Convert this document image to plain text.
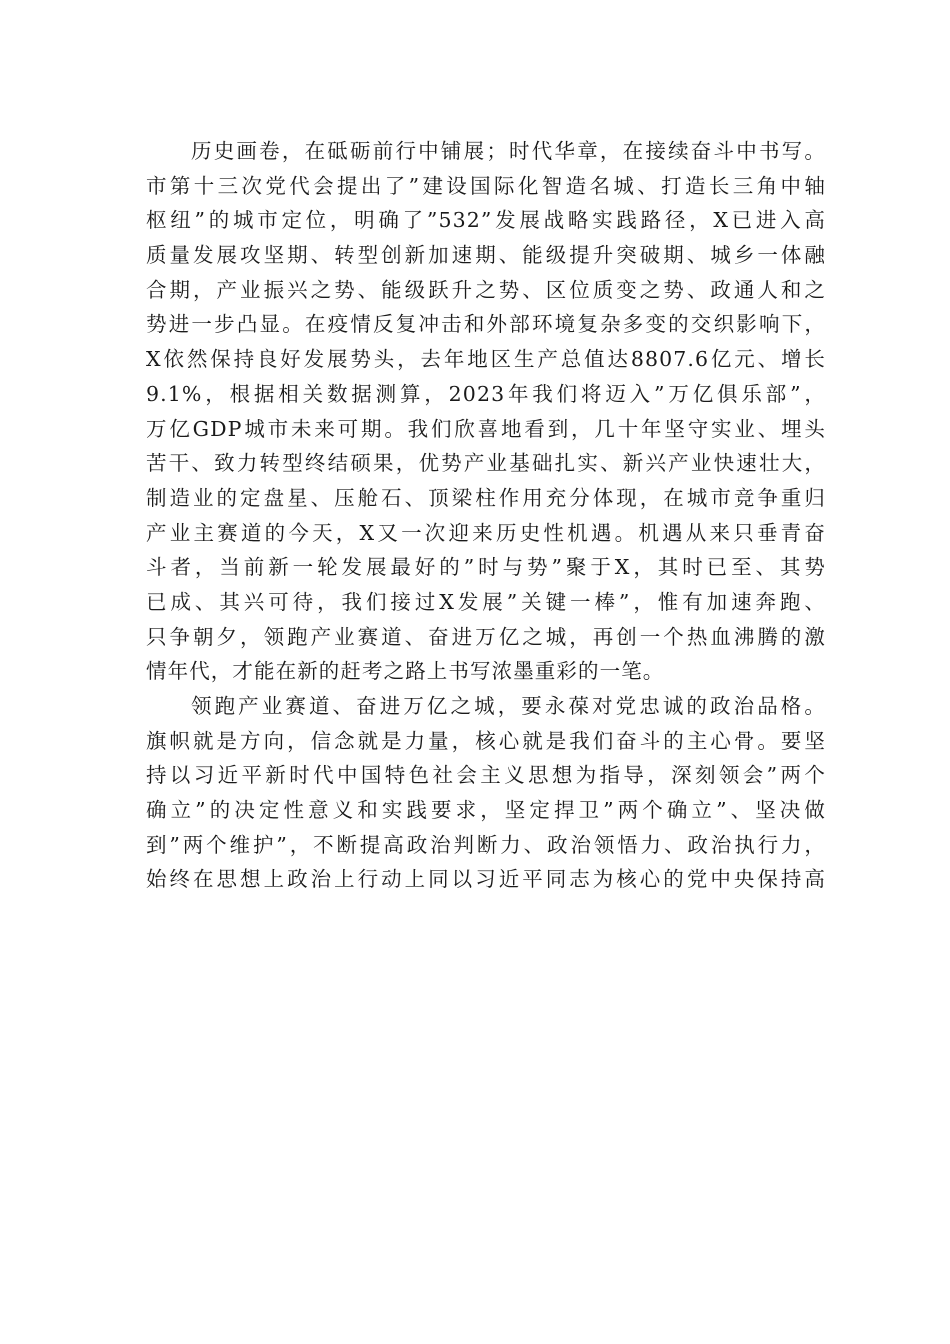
历史画卷，在砥砺前行中铺展；时代华章，在接续奋斗中书写。
市第十三次党代会提出了”建设国际化智造名城、打造长三角中轴
枢纽”的城市定位，明确了”532”发展战略实践路径，X已进入高
质量发展攻坚期、转型创新加速期、能级提升突破期、城乡一体融
合期，产业振兴之势、能级跃升之势、区位质变之势、政通人和之
势进一步凸显。在疫情反复冲击和外部环境复杂多变的交织影响下，
X依然保持良好发展势头，去年地区生产总值达8807.6亿元、增长
9.1%，根据相关数据测算，2023年我们将迈入”万亿俱乐部”，
万亿GDP城市未来可期。我们欣喜地看到，几十年坚守实业、埋头
苦干、致力转型终结硕果，优势产业基础扎实、新兴产业快速壮大，
制造业的定盘星、压舱石、顶梁柱作用充分体现，在城市竞争重归
产业主赛道的今天，X又一次迎来历史性机遇。机遇从来只垂青奋
斗者，当前新一轮发展最好的”时与势”聚于X，其时已至、其势
已成、其兴可待，我们接过X发展”关键一棒”，惟有加速奔跑、
只争朝夕，领跑产业赛道、奋进万亿之城，再创一个热血沸腾的激
情年代，才能在新的赶考之路上书写浓墨重彩的一笔。
领跑产业赛道、奋进万亿之城，要永葆对党忠诚的政治品格。
旗帜就是方向，信念就是力量，核心就是我们奋斗的主心骨。要坚
持以习近平新时代中国特色社会主义思想为指导，深刻领会”两个
确立”的决定性意义和实践要求，坚定捍卫”两个确立”、坚决做
到”两个维护”，不断提高政治判断力、政治领悟力、政治执行力，
始终在思想上政治上行动上同以习近平同志为核心的党中央保持高
